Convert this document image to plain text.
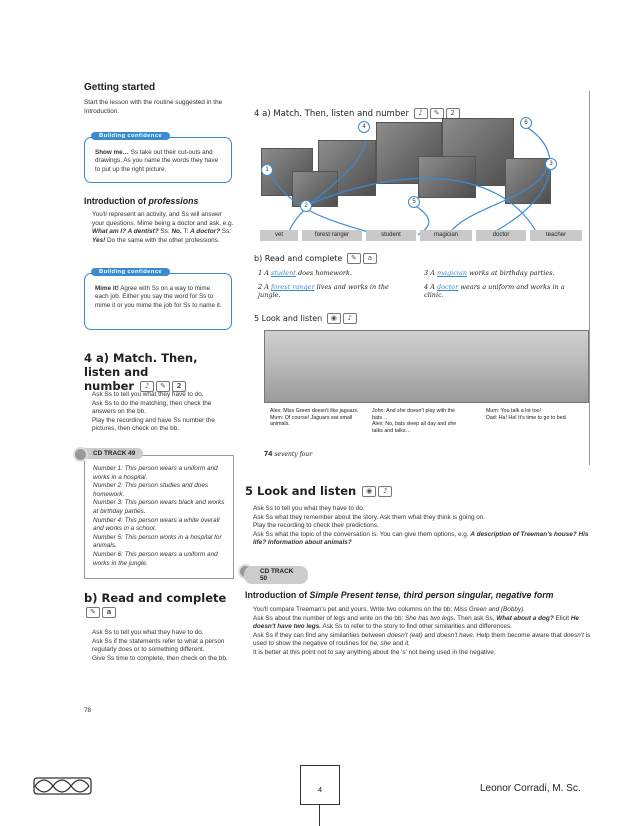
Getting started
Start the lesson with the routine suggested in the Introduction.
Building confidence
Show me… Ss take out their cut-outs and drawings. As you name the words they have to put up the right picture.
Introduction of professions
You'll represent an activity, and Ss will answer your questions. Mime being a doctor and ask, e.g. What am I? A dentist? Ss: No. T: A doctor? Ss: Yes! Do the same with the other professions.
Building confidence
Mime it! Agree with Ss on a way to mime each job. Either you say the word for Ss to mime it or you mime the job for Ss to name it.
4 a) Match. Then, listen and
number ♪ ✎ 2
Ask Ss to tell you what they have to do.
Ask Ss to do the matching, then check the answers on the bb.
Play the recording and have Ss number the pictures, then check on the bb.
CD TRACK 49
Number 1: This person wears a uniform and works in a hospital.
Number 2: This person studies and does homework.
Number 3: This person wears black and works at birthday parties.
Number 4: This person wears a white overall and works in a school.
Number 5: This person works in a hospital for animals.
Number 6: This person wears a uniform and works in the jungle.
b) Read and complete
✎ a
Ask Ss to tell you what they have to do.
Ask Ss if the statements refer to what a person regularly does or to something different.
Give Ss time to complete, then check on the bb.
78
4 a) Match. Then, listen and number ♪ ✎ 2
1
2
3
4
5
6
vet	forest ranger	student	magician	doctor	teacher
b) Read and complete ✎ a
1 A student does homework.
2 A forest ranger lives and works in the jungle.
3 A magician works at birthday parties.
4 A doctor wears a uniform and works in a clinic.
5 Look and listen ◉ ♪
Alex: Miss Green doesn't like jaguars.
Mum: Of course! Jaguars eat small animals.
John: And she doesn't play with the bats…
Alex: No, bats sleep all day and she talks and talks…
Mum: You talk a lot too!
Dad: Ha! Ha! It's time to go to bed.
74 seventy four
5 Look and listen ◉ ♪
Ask Ss to tell you what they have to do.
Ask Ss what they remember about the story. Ask them what they think is going on.
Play the recording to check their predictions.
Ask Ss what the topic of the conversation is. You can give them options, e.g. A description of Treeman's house? His life? Information about animals?
CD TRACK 50
Introduction of Simple Present tense, third person singular, negative form
You'll compare Treeman's pet and yours. Write two columns on the bb: Miss Green and (Bobby).
Ask Ss about the number of legs and write on the bb: She has two legs. Then ask Ss, What about a dog? Elicit He doesn't have two legs. Ask Ss to refer to the story to find other similarities and differences.
Ask Ss if they can find any similarities between doesn't (eat) and doesn't have. Help them become aware that doesn't is used to show the negative of routines for he, she and it.
It is better at this point not to say anything about the 's' not being used in the negative.
4	Leonor Corradi, M. Sc.
